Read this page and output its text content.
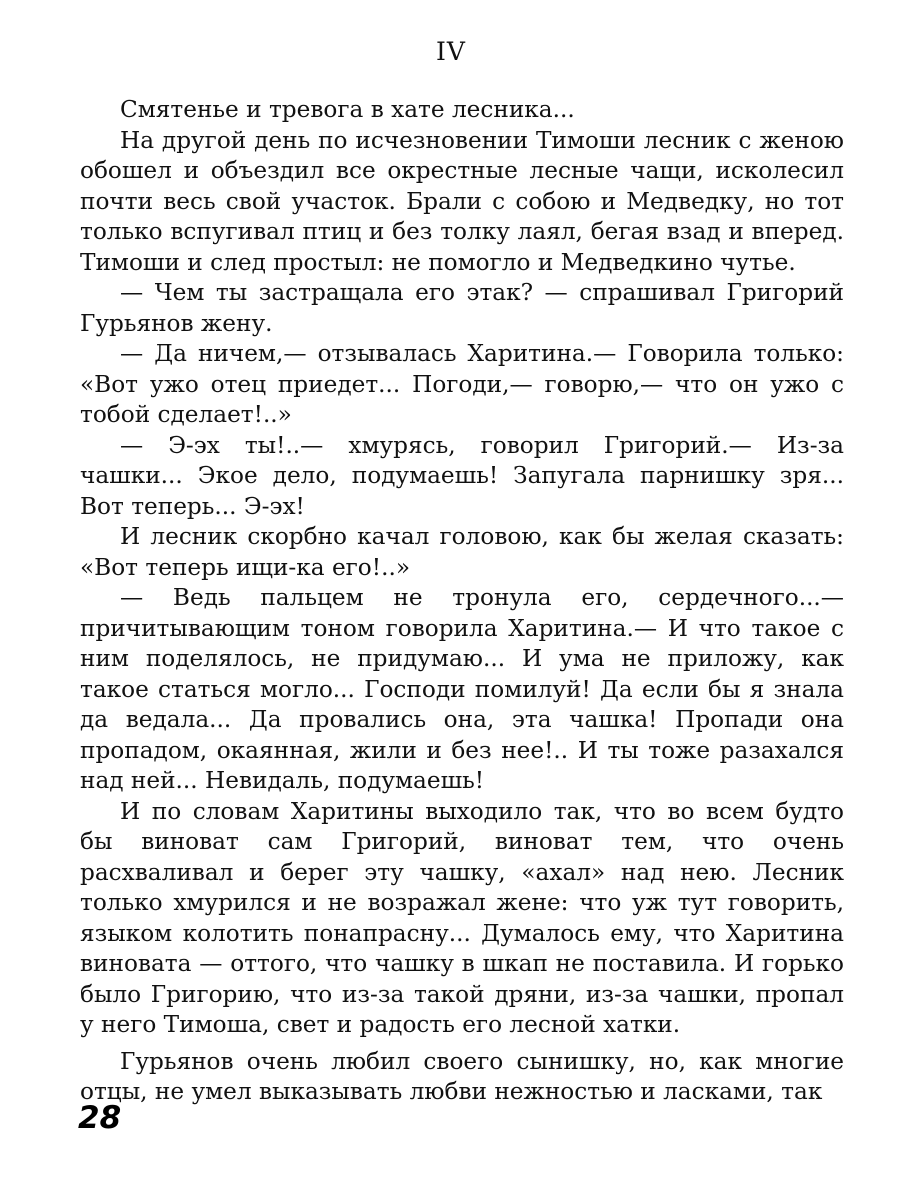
IV

Смятенье и тревога в хате лесника...

На другой день по исчезновении Тимоши лесник с женою обошел и объездил все окрестные лесные чащи, исколесил почти весь свой участок. Брали с собою и Медведку, но тот только вспугивал птиц и без толку лаял, бегая взад и вперед. Тимоши и след простыл: не помогло и Медведкино чутье.

— Чем ты застращала его этак? — спрашивал Григорий Гурьянов жену.

— Да ничем,— отзывалась Харитина.— Говорила только: «Вот ужо отец приедет... Погоди,— говорю,— что он ужо с тобой сделает!..»

— Э-эх ты!..— хмурясь, говорил Григорий.— Из-за чашки... Экое дело, подумаешь! Запугала парнишку зря... Вот теперь... Э-эх!

И лесник скорбно качал головою, как бы желая сказать: «Вот теперь ищи-ка его!..»

— Ведь пальцем не тронула его, сердечного...— причитывающим тоном говорила Харитина.— И что такое с ним поделялось, не придумаю... И ума не приложу, как такое статься могло... Господи помилуй! Да если бы я знала да ведала... Да провались она, эта чашка! Пропади она пропадом, окаянная, жили и без нее!.. И ты тоже разахался над ней... Невидаль, подумаешь!

И по словам Харитины выходило так, что во всем будто бы виноват сам Григорий, виноват тем, что очень расхваливал и берег эту чашку, «ахал» над нею. Лесник только хмурился и не возражал жене: что уж тут говорить, языком колотить понапрасну... Думалось ему, что Харитина виновата — оттого, что чашку в шкап не поставила. И горько было Григорию, что из-за такой дряни, из-за чашки, пропал у него Тимоша, свет и радость его лесной хатки.

Гурьянов очень любил своего сынишку, но, как многие отцы, не умел выказывать любви нежностью и ласками, так

28
